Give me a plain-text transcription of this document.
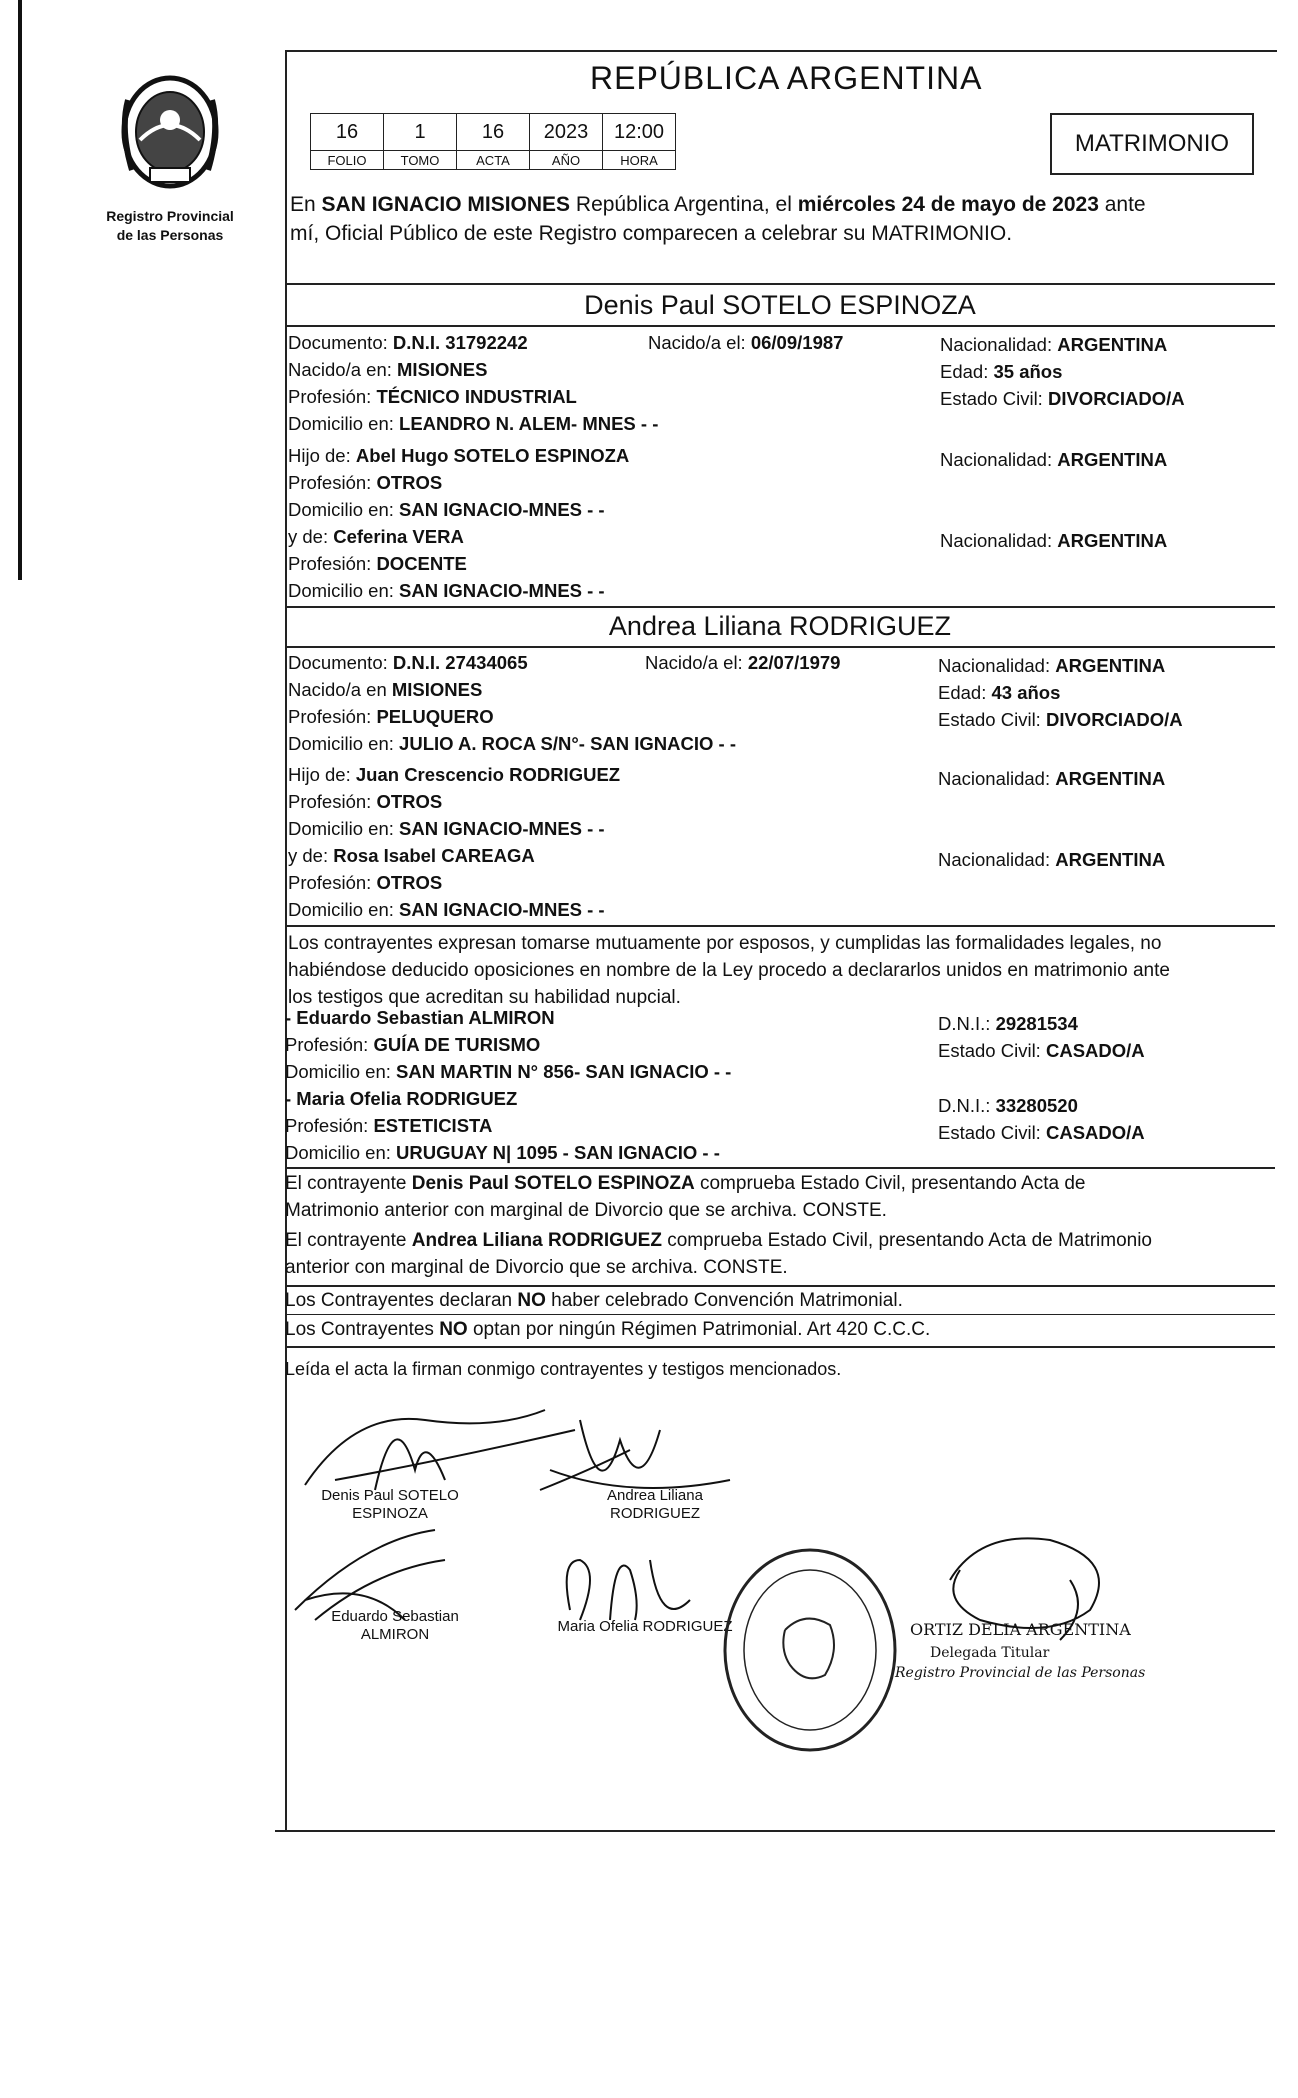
Registro Provincial
de las Personas
REPÚBLICA ARGENTINA
16	1	16	2023	12:00
FOLIO	TOMO	ACTA	AÑO	HORA
MATRIMONIO
En SAN IGNACIO MISIONES República Argentina, el miércoles 24 de mayo de 2023 ante
mí, Oficial Público de este Registro comparecen a celebrar su MATRIMONIO.
Denis Paul SOTELO ESPINOZA
Documento: D.N.I. 31792242	Nacido/a el: 06/09/1987	Nacionalidad: ARGENTINA
Nacido/a en: MISIONES	Edad: 35 años
Profesión: TÉCNICO INDUSTRIAL	Estado Civil: DIVORCIADO/A
Domicilio en: LEANDRO N. ALEM- MNES - -
Hijo de: Abel Hugo SOTELO ESPINOZA	Nacionalidad: ARGENTINA
Profesión: OTROS
Domicilio en: SAN IGNACIO-MNES - -
y de: Ceferina VERA	Nacionalidad: ARGENTINA
Profesión: DOCENTE
Domicilio en: SAN IGNACIO-MNES - -
Andrea Liliana RODRIGUEZ
Documento: D.N.I. 27434065	Nacido/a el: 22/07/1979	Nacionalidad: ARGENTINA
Nacido/a en MISIONES	Edad: 43 años
Profesión: PELUQUERO	Estado Civil: DIVORCIADO/A
Domicilio en: JULIO A. ROCA S/N°- SAN IGNACIO - -
Hijo de: Juan Crescencio RODRIGUEZ	Nacionalidad: ARGENTINA
Profesión: OTROS
Domicilio en: SAN IGNACIO-MNES - -
y de: Rosa Isabel CAREAGA	Nacionalidad: ARGENTINA
Profesión: OTROS
Domicilio en: SAN IGNACIO-MNES - -
Los contrayentes expresan tomarse mutuamente por esposos, y cumplidas las formalidades legales, no
habiéndose deducido oposiciones en nombre de la Ley procedo a declararlos unidos en matrimonio ante
los testigos que acreditan su habilidad nupcial.
- Eduardo Sebastian ALMIRON	D.N.I.: 29281534
Profesión: GUÍA DE TURISMO	Estado Civil: CASADO/A
Domicilio en: SAN MARTIN N° 856- SAN IGNACIO - -
- Maria Ofelia RODRIGUEZ	D.N.I.: 33280520
Profesión: ESTETICISTA	Estado Civil: CASADO/A
Domicilio en: URUGUAY N| 1095 - SAN IGNACIO - -
El contrayente Denis Paul SOTELO ESPINOZA comprueba Estado Civil, presentando Acta de
Matrimonio anterior con marginal de Divorcio que se archiva. CONSTE.
El contrayente Andrea Liliana RODRIGUEZ comprueba Estado Civil, presentando Acta de Matrimonio
anterior con marginal de Divorcio que se archiva. CONSTE.
Los Contrayentes declaran NO haber celebrado Convención Matrimonial.
Los Contrayentes NO optan por ningún Régimen Patrimonial. Art 420 C.C.C.
Leída el acta la firman conmigo contrayentes y testigos mencionados.
Denis Paul SOTELO
ESPINOZA
Andrea Liliana
RODRIGUEZ
Eduardo Sebastian
ALMIRON	Maria Ofelia RODRIGUEZ	ORTIZ DELIA ARGENTINA
Delegada Titular
Registro Provincial de las Personas
